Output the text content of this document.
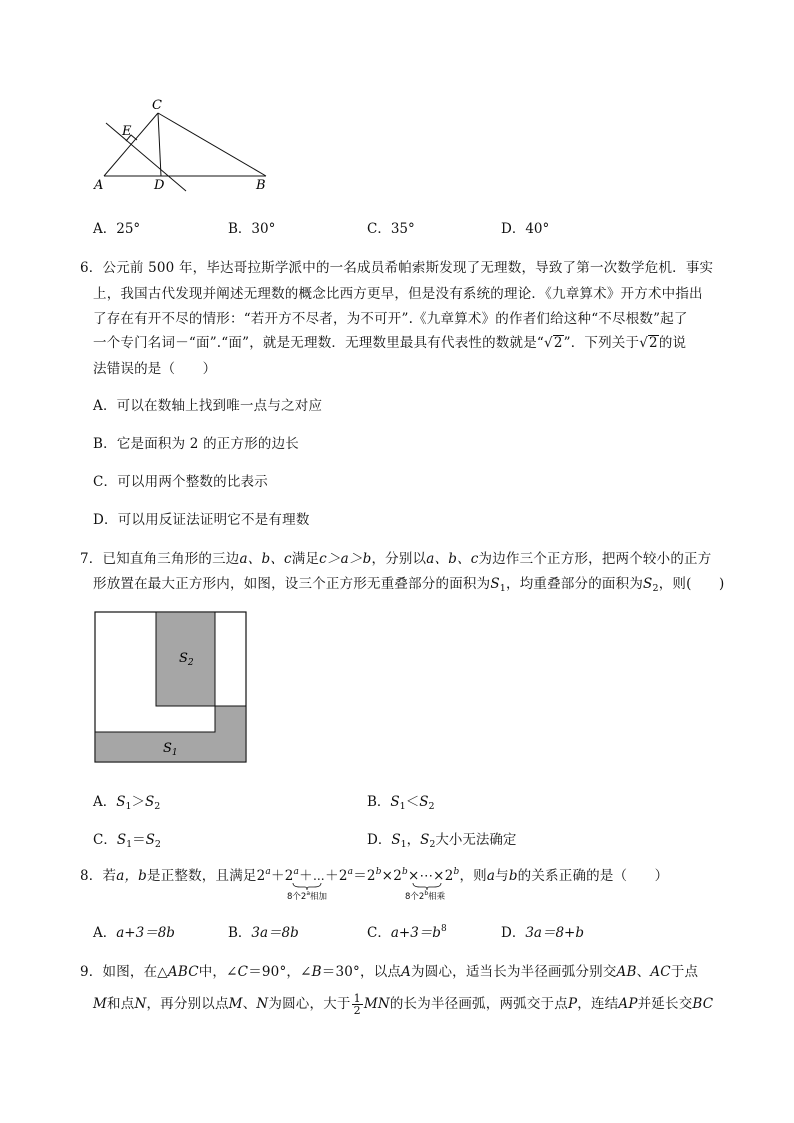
C
E
A	D	B
A．25°	B．30°	C．35°	D．40°
6．公元前 500 年，毕达哥拉斯学派中的一名成员希帕索斯发现了无理数，导致了第一次数学危机．事实
上，我国古代发现并阐述无理数的概念比西方更早，但是没有系统的理论．《九章算术》开方术中指出
了存在有开不尽的情形：“若开方不尽者，为不可开”.《九章算术》的作者们给这种“不尽根数”起了
一个专门名词－“面”.“面”，就是无理数．无理数里最具有代表性的数就是“√2”．下列关于√2的说
法错误的是（　　）
A．可以在数轴上找到唯一点与之对应
B．它是面积为 2 的正方形的边长
C．可以用两个整数的比表示
D．可以用反证法证明它不是有理数
7．已知直角三角形的三边a、b、c满足c＞a＞b，分别以a、b、c为边作三个正方形，把两个较小的正方
形放置在最大正方形内，如图，设三个正方形无重叠部分的面积为$S_1$，均重叠部分的面积为$S_2$，则(　　)
$S_2$
$S_1$
A．$S_1>S_2$	B．$S_1<S_2$
C．$S_1=S_2$	D．$S_1$，$S_2$大小无法确定
8．若a，b是正整数，且满足$2^a+2^a+\cdots+2^a=2^b\times 2^b\times\cdots\times 2^b$，则a与b的关系正确的是（　　）
8个2$^a$相加	8个2$^b$相乘
A．a+3＝8b	B．3a＝8b	C．$a+3=b^8$	D．3a＝8+b
9．如图，在△ABC中，∠C＝90°，∠B＝30°，以点A为圆心，适当长为半径画弧分别交AB、AC于点
M和点N，再分别以点M、N为圆心，大于 $\frac{1}{2}$ MN的长为半径画弧，两弧交于点P，连结AP并延长交BC
